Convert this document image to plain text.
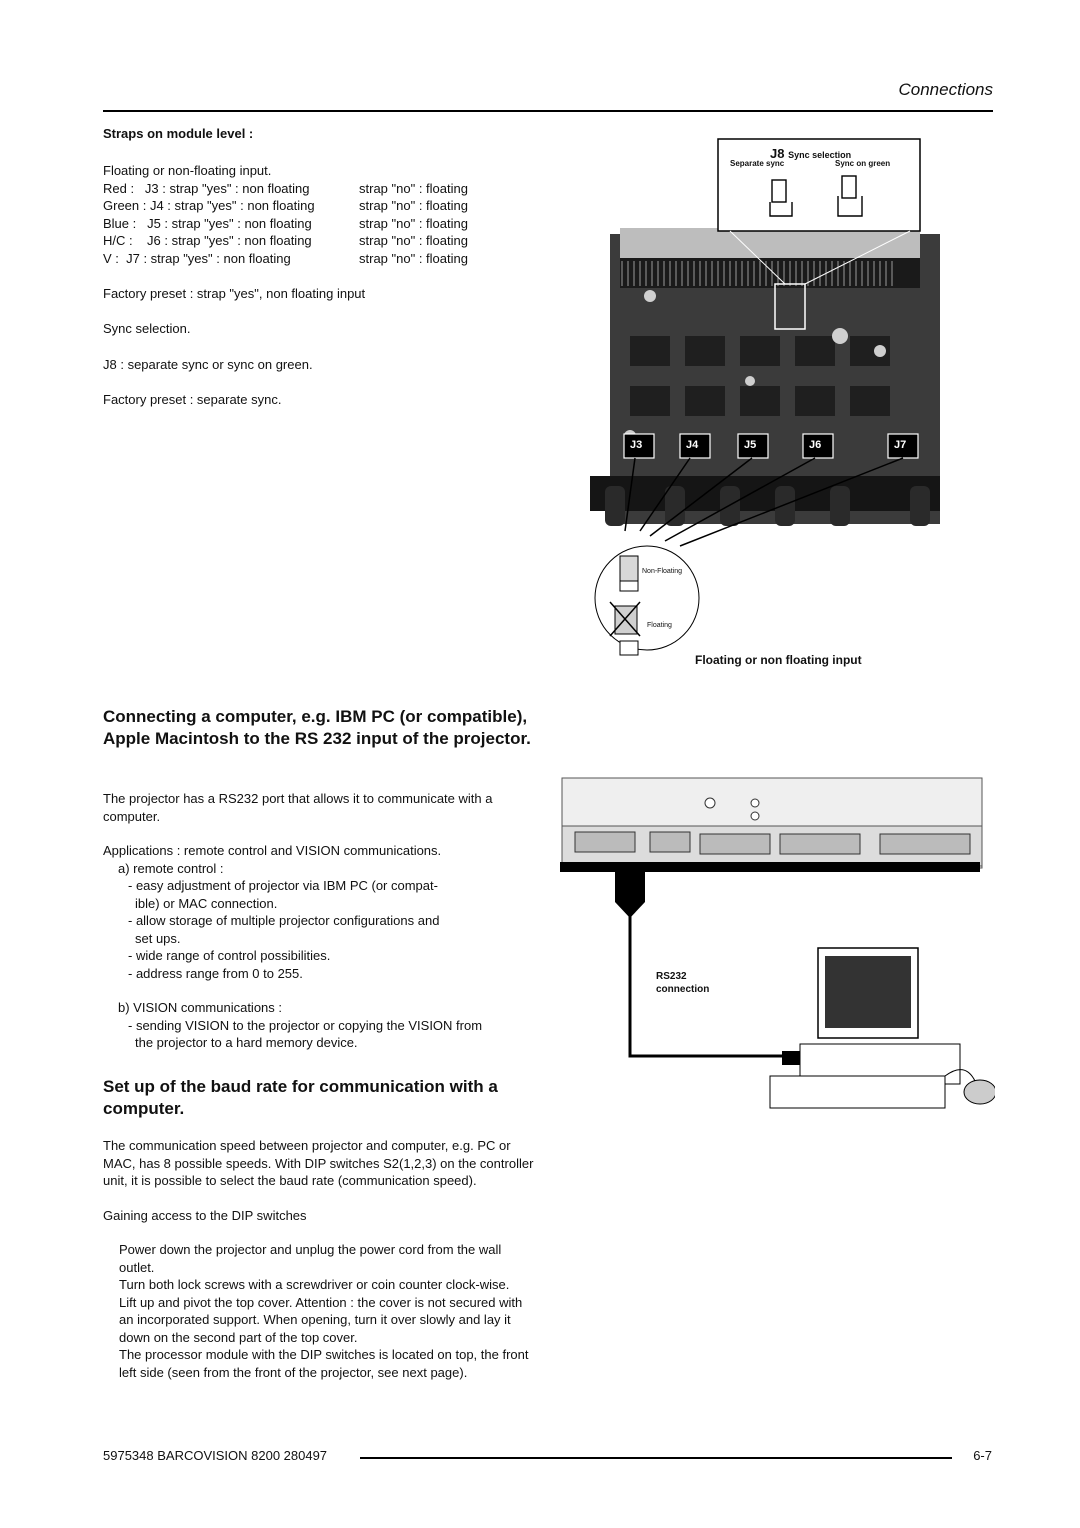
Connections
Straps on module level :
Floating or non-floating input.
Red :   J3 : strap "yes" : non floating	strap "no" : floating
Green : J4 : strap "yes" : non floating	strap "no" : floating
Blue :   J5 : strap "yes" : non floating	strap "no" : floating
H/C :    J6 : strap "yes" : non floating	strap "no" : floating
V :  J7 : strap "yes" : non floating	strap "no" : floating
Factory preset : strap "yes", non floating input
Sync selection.
J8 : separate sync or sync on green.
Factory preset : separate sync.
J8 Sync selection
Separate sync	Sync on green
J3	J4	J5	J6	J7
Non-Floating
Floating
Floating or non floating input
Connecting a computer, e.g. IBM PC (or compatible), Apple Macintosh to the RS 232 input of the projector.
The projector has a RS232 port that allows it to communicate with a computer.
Applications : remote control and VISION communications.
a) remote control :
- easy adjustment of projector via IBM PC (or compat-
ible) or MAC connection.
- allow storage of multiple projector configurations and
set ups.
- wide range of control possibilities.
- address range from 0 to 255.
b) VISION communications :
- sending VISION to the projector or copying the VISION from
the projector to a hard memory device.
RS232
connection
Set up of the baud rate for communication with a computer.
The communication speed between projector and computer, e.g. PC or MAC, has 8 possible speeds. With DIP switches S2(1,2,3) on the controller unit, it is possible to select the baud rate (communication speed).
Gaining access to the DIP switches
Power down the projector and unplug the power cord from the wall outlet.
Turn both lock screws with a screwdriver or coin counter clock-wise.
Lift up and pivot the top cover. Attention : the cover is not secured with an incorporated support. When opening, turn it over slowly and lay it down on the second part of the top cover.
The processor module with the DIP switches is located on top, the front left side (seen from the front of the projector, see next page).
5975348 BARCOVISION 8200 280497	6-7
